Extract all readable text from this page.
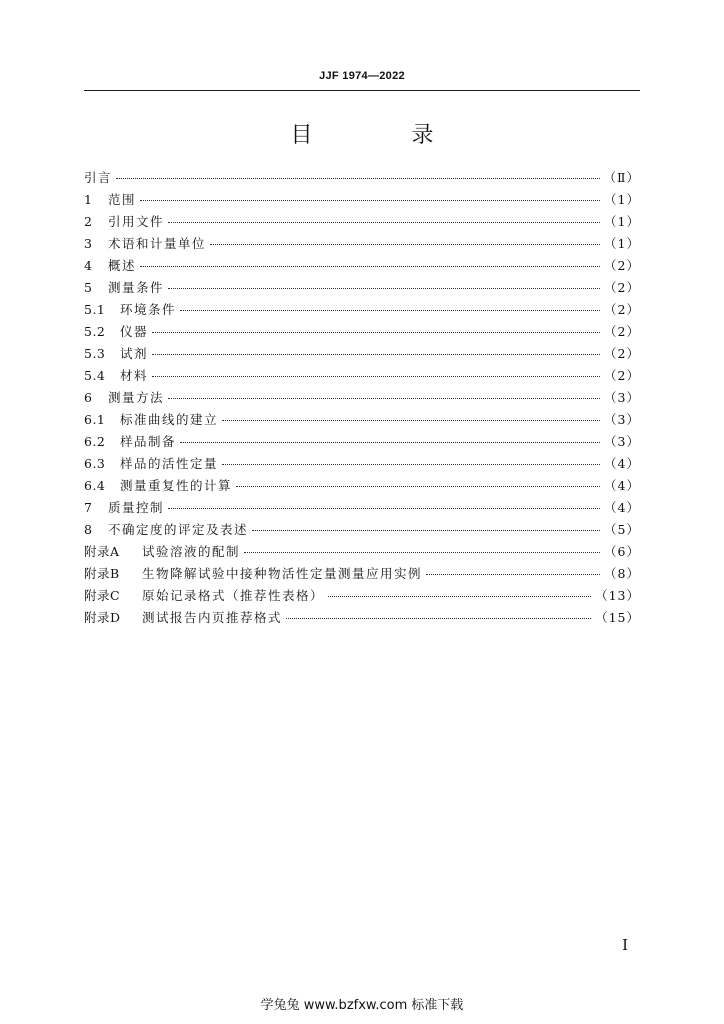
JJF 1974—2022
目 录
引言	（Ⅱ）
1	范围	（1）
2	引用文件	（1）
3	术语和计量单位	（1）
4	概述	（2）
5	测量条件	（2）
5.1	环境条件	（2）
5.2	仪器	（2）
5.3	试剂	（2）
5.4	材料	（2）
6	测量方法	（3）
6.1	标准曲线的建立	（3）
6.2	样品制备	（3）
6.3	样品的活性定量	（4）
6.4	测量重复性的计算	（4）
7	质量控制	（4）
8	不确定度的评定及表述	（5）
附录A	试验溶液的配制	（6）
附录B	生物降解试验中接种物活性定量测量应用实例	（8）
附录C	原始记录格式（推荐性表格）	（13）
附录D	测试报告内页推荐格式	（15）
I
学兔兔 www.bzfxw.com 标准下载
